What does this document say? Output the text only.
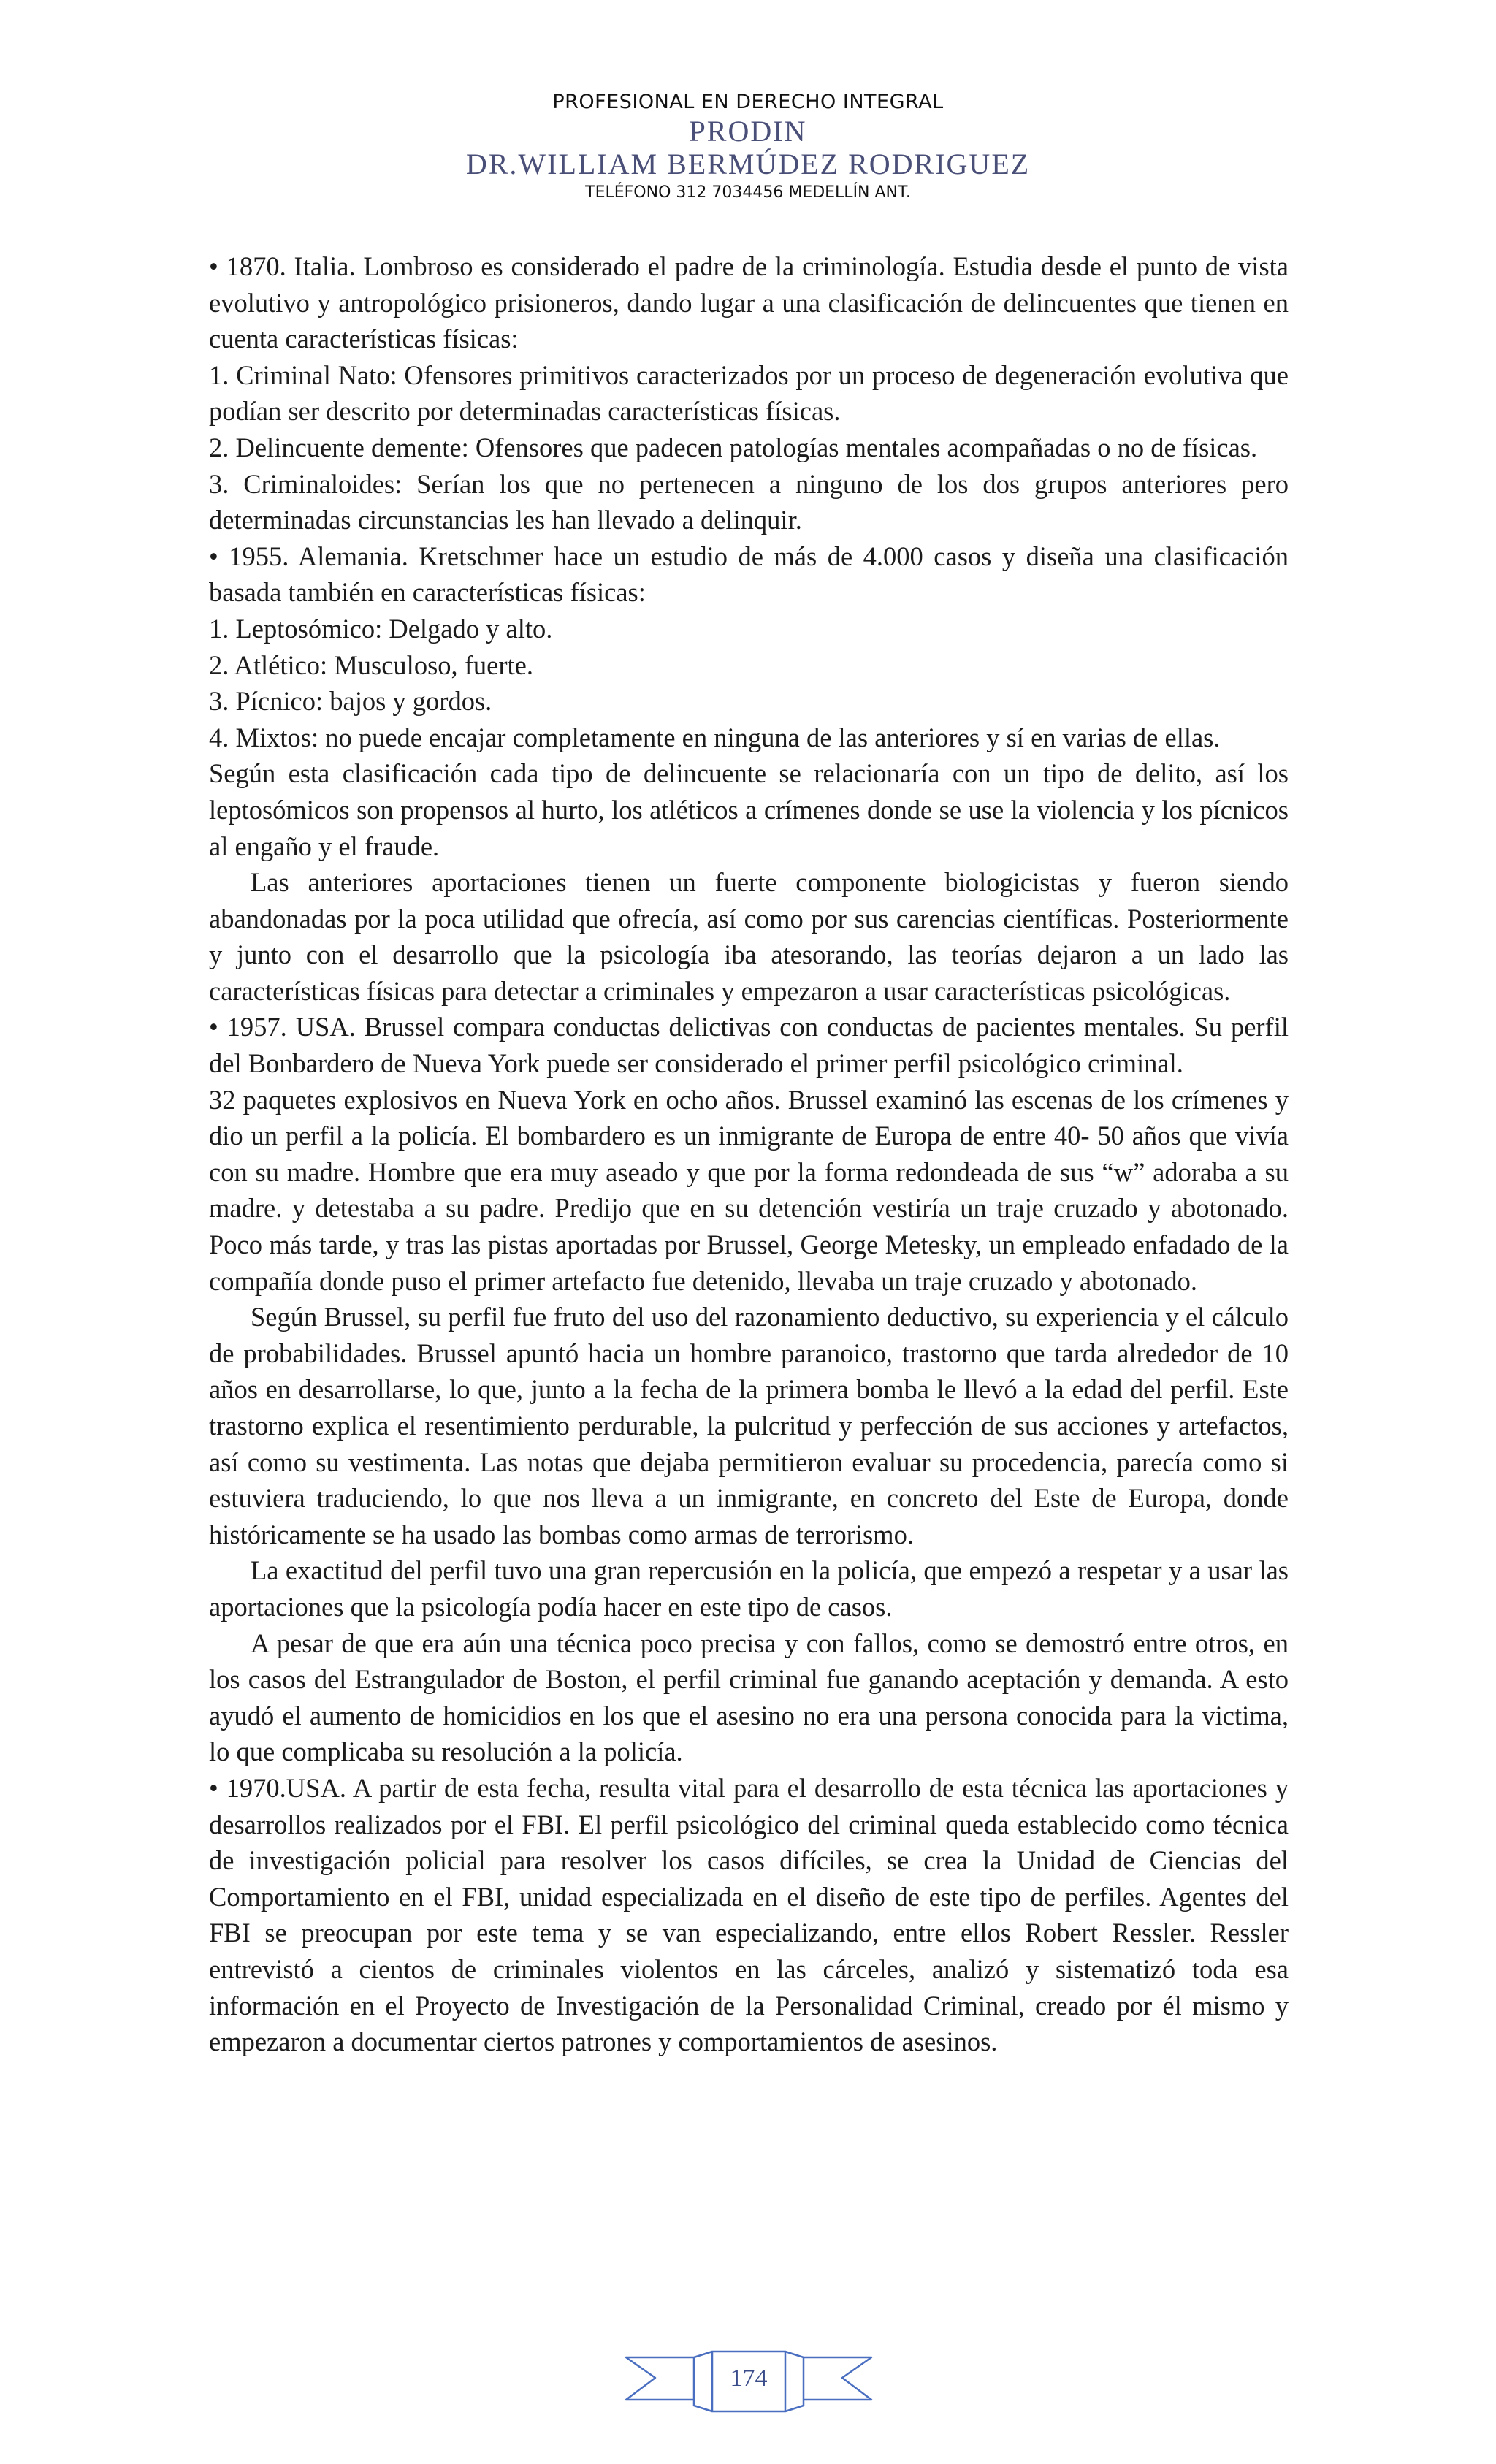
PROFESIONAL EN DERECHO INTEGRAL
PRODIN
DR.WILLIAM BERMÚDEZ RODRIGUEZ
TELÉFONO 312 7034456 MEDELLÍN ANT.

• 1870. Italia. Lombroso es considerado el padre de la criminología. Estudia desde el punto de vista evolutivo y antropológico prisioneros, dando lugar a una clasificación de delincuentes que tienen en cuenta características físicas:

1. Criminal Nato: Ofensores primitivos caracterizados por un proceso de degeneración evolutiva que podían ser descrito por determinadas características físicas.

2. Delincuente demente: Ofensores que padecen patologías mentales acompañadas o no de físicas.

3. Criminaloides: Serían los que no pertenecen a ninguno de los dos grupos anteriores pero determinadas circunstancias les han llevado a delinquir.

• 1955. Alemania. Kretschmer hace un estudio de más de 4.000 casos y diseña una clasificación basada también en características físicas:

1. Leptosómico: Delgado y alto.

2. Atlético: Musculoso, fuerte.

3. Pícnico: bajos y gordos.

4. Mixtos: no puede encajar completamente en ninguna de las anteriores y sí en varias de ellas.

Según esta clasificación cada tipo de delincuente se relacionaría con un tipo de delito, así los leptosómicos son propensos al hurto, los atléticos a crímenes donde se use la violencia y los pícnicos al engaño y el fraude.

Las anteriores aportaciones tienen un fuerte componente biologicistas y fueron siendo abandonadas por la poca utilidad que ofrecía, así como por sus carencias científicas. Posteriormente y junto con el desarrollo que la psicología iba atesorando, las teorías dejaron a un lado las características físicas para detectar a criminales y empezaron a usar características psicológicas.

• 1957. USA. Brussel compara conductas delictivas con conductas de pacientes mentales. Su perfil del Bonbardero de Nueva York puede ser considerado el primer perfil psicológico criminal.

32 paquetes explosivos en Nueva York en ocho años. Brussel examinó las escenas de los crímenes y dio un perfil a la policía. El bombardero es un inmigrante de Europa de entre 40- 50 años que vivía con su madre. Hombre que era muy aseado y que por la forma redondeada de sus “w” adoraba a su madre. y detestaba a su padre. Predijo que en su detención vestiría un traje cruzado y abotonado.        Poco más tarde, y tras las pistas aportadas por Brussel, George Metesky, un empleado enfadado de la compañía donde puso el primer artefacto fue detenido, llevaba un traje cruzado y abotonado.

Según Brussel, su perfil fue fruto del uso del razonamiento deductivo, su experiencia y el cálculo de probabilidades. Brussel apuntó hacia un hombre paranoico, trastorno que tarda alrededor de 10 años en desarrollarse, lo que, junto a la fecha de la primera bomba le llevó a la edad del perfil. Este trastorno explica el resentimiento perdurable, la pulcritud y perfección de sus acciones y artefactos, así como su vestimenta. Las notas que dejaba permitieron evaluar su procedencia, parecía como si estuviera traduciendo, lo que nos lleva a un inmigrante, en concreto del Este de Europa, donde históricamente se ha usado las bombas como armas de terrorismo.

La exactitud del perfil tuvo una gran repercusión en la policía, que empezó a respetar y a usar las aportaciones que la psicología podía hacer en este tipo de casos.

A pesar de que era aún una técnica poco precisa y con fallos, como se demostró entre otros, en los casos del Estrangulador de Boston, el perfil criminal fue ganando aceptación y demanda. A esto ayudó el aumento de homicidios en los que el asesino no era una persona conocida para la victima, lo que complicaba su resolución a la policía.

• 1970.USA. A partir de esta fecha, resulta vital para el desarrollo de esta técnica las aportaciones y desarrollos realizados por el FBI. El perfil psicológico del criminal queda establecido como técnica de investigación policial para resolver los casos difíciles, se crea la Unidad de Ciencias del Comportamiento en el FBI, unidad especializada en el diseño de este tipo de perfiles. Agentes del FBI se preocupan por este tema y se van especializando, entre ellos Robert Ressler. Ressler entrevistó a cientos de criminales violentos en las cárceles, analizó y sistematizó toda esa información en el Proyecto de Investigación de la Personalidad Criminal, creado por él mismo y empezaron a documentar ciertos patrones y comportamientos de asesinos.

174
